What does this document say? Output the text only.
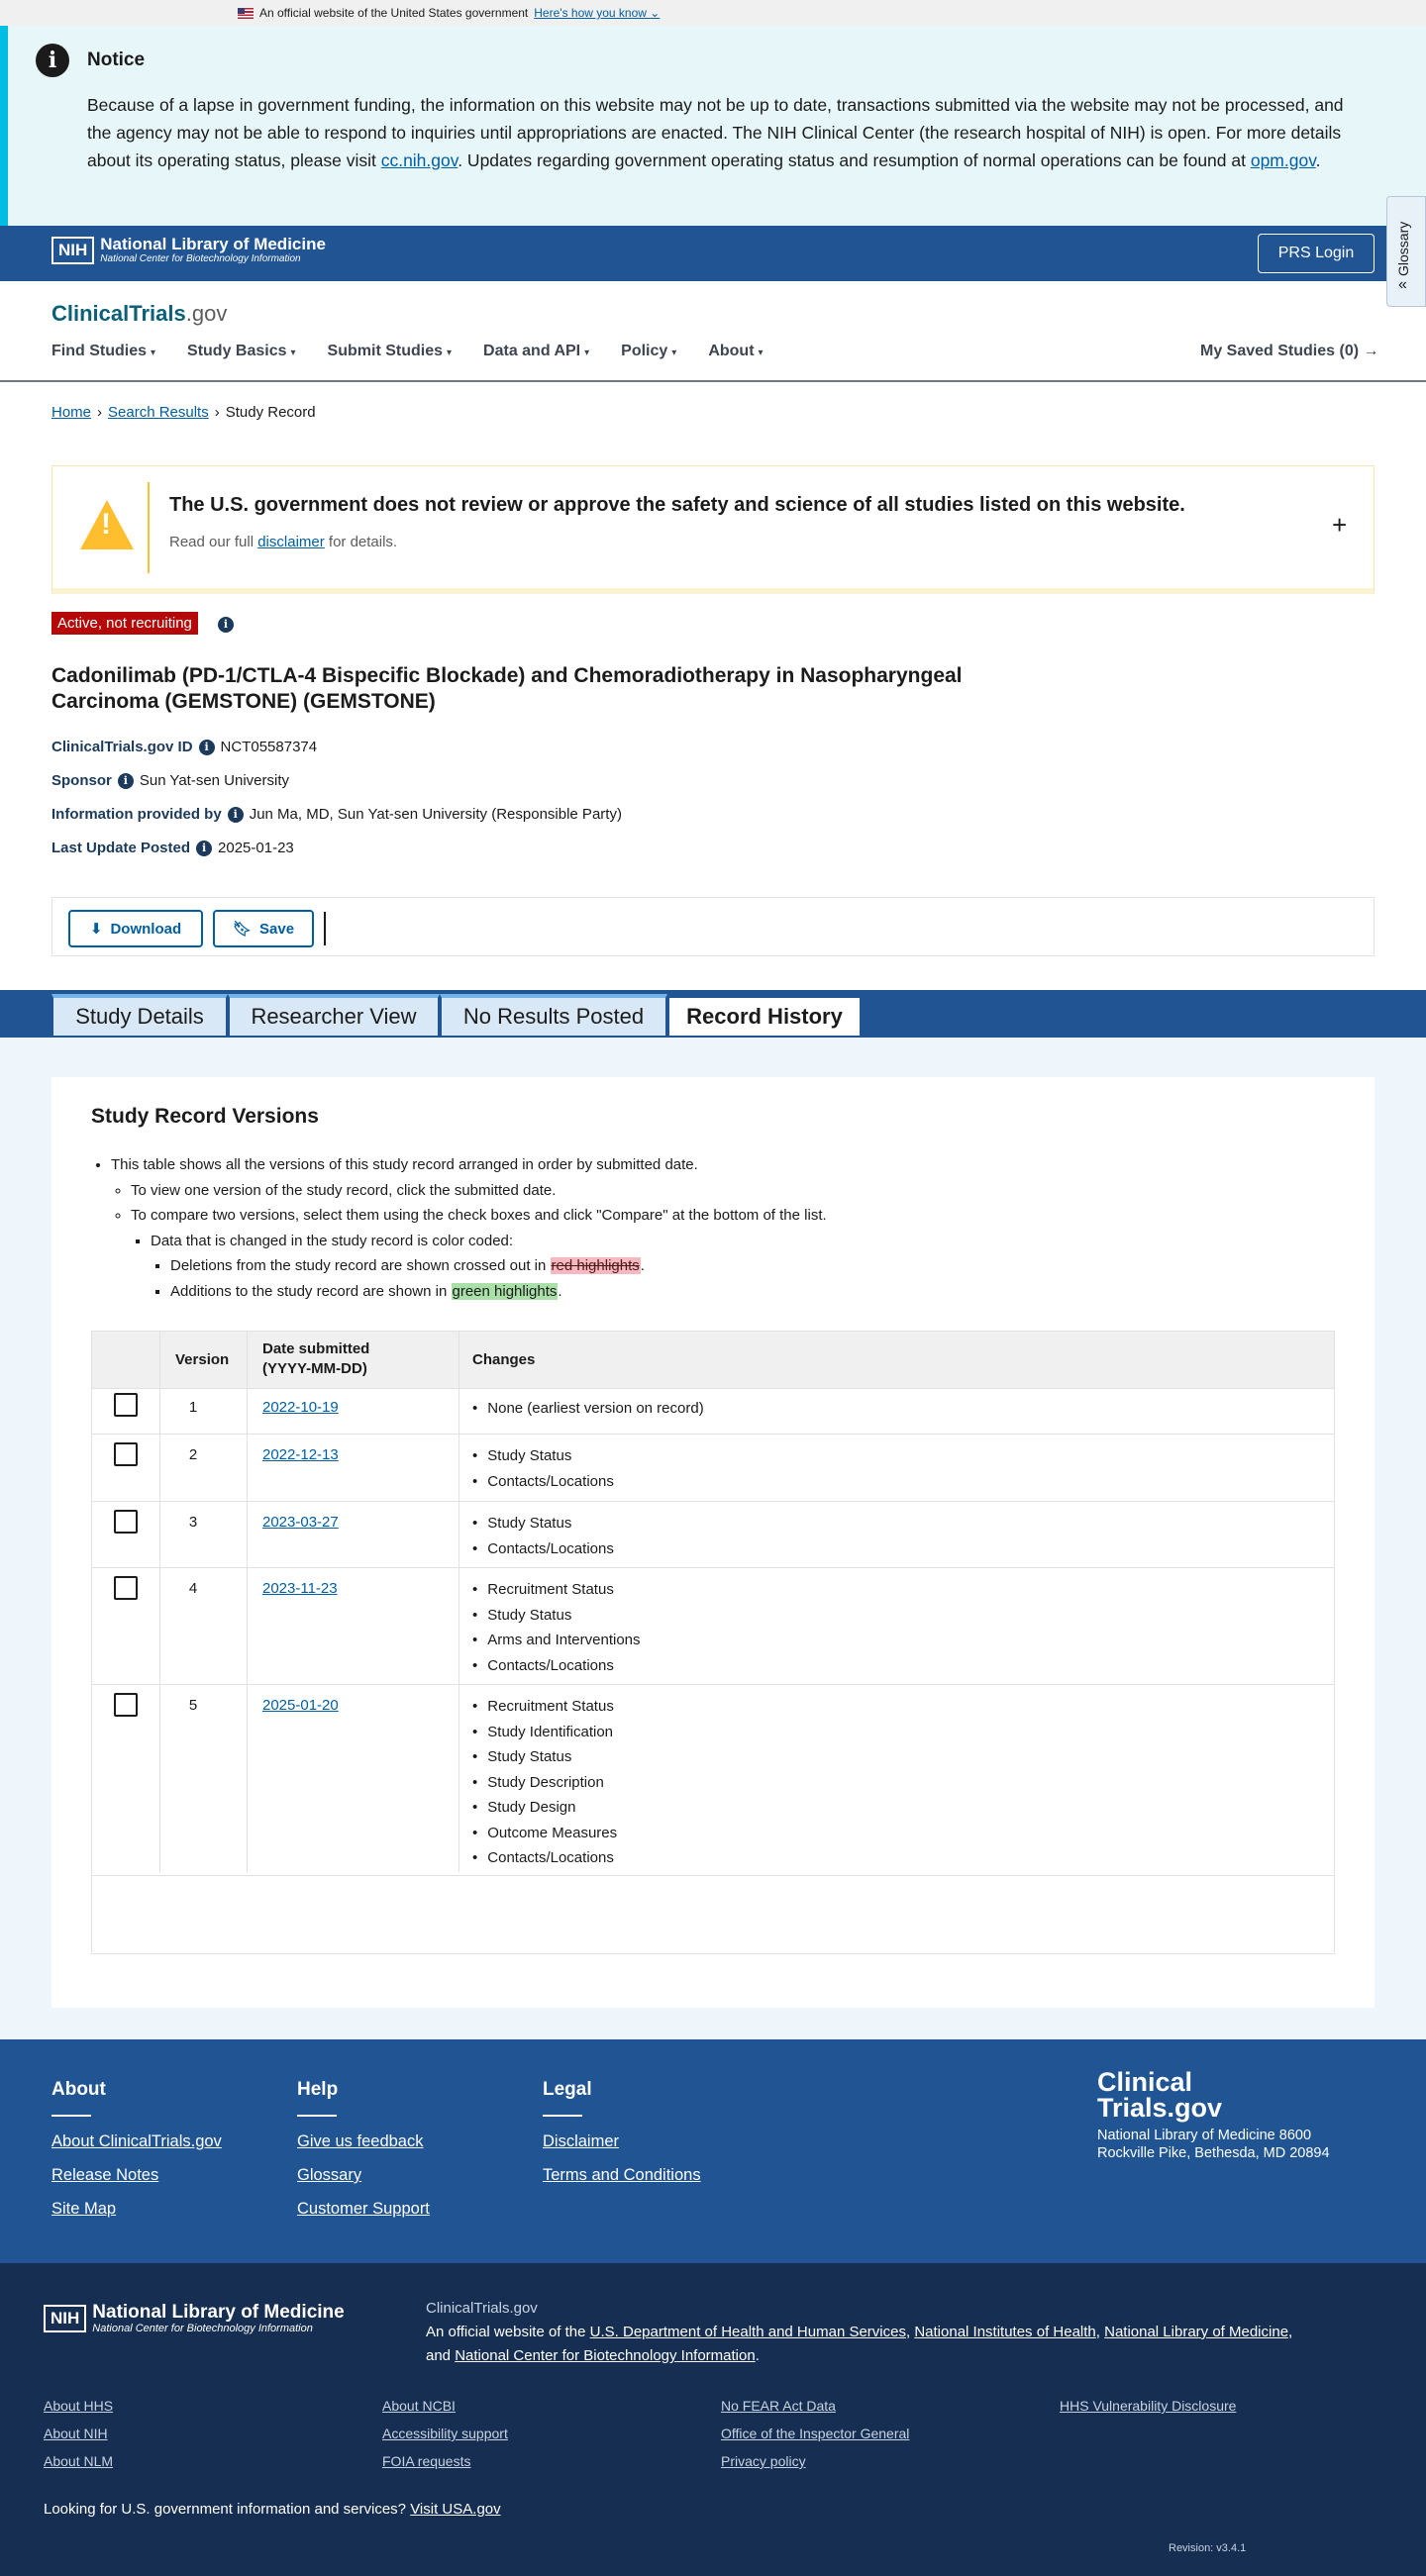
An official website of the United States government Here's how you know ⌄
i	Notice
Because of a lapse in government funding, the information on this website may not be up to date, transactions submitted via the website may not be processed, and the agency may not be able to respond to inquiries until appropriations are enacted. The NIH Clinical Center (the research hospital of NIH) is open. For more details about its operating status, please visit cc.nih.gov. Updates regarding government operating status and resumption of normal operations can be found at opm.gov.
NIH National Library of Medicine
National Center for Biotechnology Information	PRS Login	Glossary
«
ClinicalTrials.gov
Find Studies ▾ Study Basics ▾ Submit Studies ▾ Data and API ▾ Policy ▾ About ▾	My Saved Studies (0) →
Home › Search Results › Study Record
!
The U.S. government does not review or approve the safety and science of all studies listed on this website.
Read our full disclaimer for details.
+
Active, not recruiting	i
Cadonilimab (PD-1/CTLA-4 Bispecific Blockade) and Chemoradiotherapy in Nasopharyngeal Carcinoma (GEMSTONE) (GEMSTONE)
ClinicalTrials.gov ID	i NCT05587374
Sponsor	i Sun Yat-sen University
Information provided by	i Jun Ma, MD, Sun Yat-sen University (Responsible Party)
Last Update Posted	i 2025-01-23
⬇ Download	🔖︎ Save
Study Details	Researcher View	No Results Posted	Record History
Study Record Versions
• This table shows all the versions of this study record arranged in order by submitted date.
◦ To view one version of the study record, click the submitted date.
◦ To compare two versions, select them using the check boxes and click "Compare" at the bottom of the list.
▪ Data that is changed in the study record is color coded:
▪ Deletions from the study record are shown crossed out in red highlights.
▪ Additions to the study record are shown in green highlights.
Version
Date submitted
(YYYY-MM-DD)
Changes
1	2022-10-19	• None (earliest version on record)
2	2022-12-13	• Study Status
• Contacts/Locations
3	2023-03-27	• Study Status
• Contacts/Locations
4	2023-11-23	• Recruitment Status
• Study Status
• Arms and Interventions
• Contacts/Locations
5	2025-01-20	• Recruitment Status
• Study Identification
• Study Status
• Study Description
• Study Design
• Outcome Measures
• Contacts/Locations
About
About ClinicalTrials.gov
Release Notes
Site Map
Help
Give us feedback
Glossary
Customer Support
Legal
Disclaimer
Terms and Conditions
Clinical
Trials.gov
National Library of Medicine 8600 Rockville Pike, Bethesda, MD 20894
NIH National Library of Medicine
National Center for Biotechnology Information
ClinicalTrials.gov
An official website of the U.S. Department of Health and Human Services, National Institutes of Health, National Library of Medicine,
and National Center for Biotechnology Information.
About HHS
About NIH
About NLM
About NCBI
Accessibility support
FOIA requests
No FEAR Act Data
Office of the Inspector General
Privacy policy
HHS Vulnerability Disclosure
Looking for U.S. government information and services? Visit USA.gov
Revision: v3.4.1
